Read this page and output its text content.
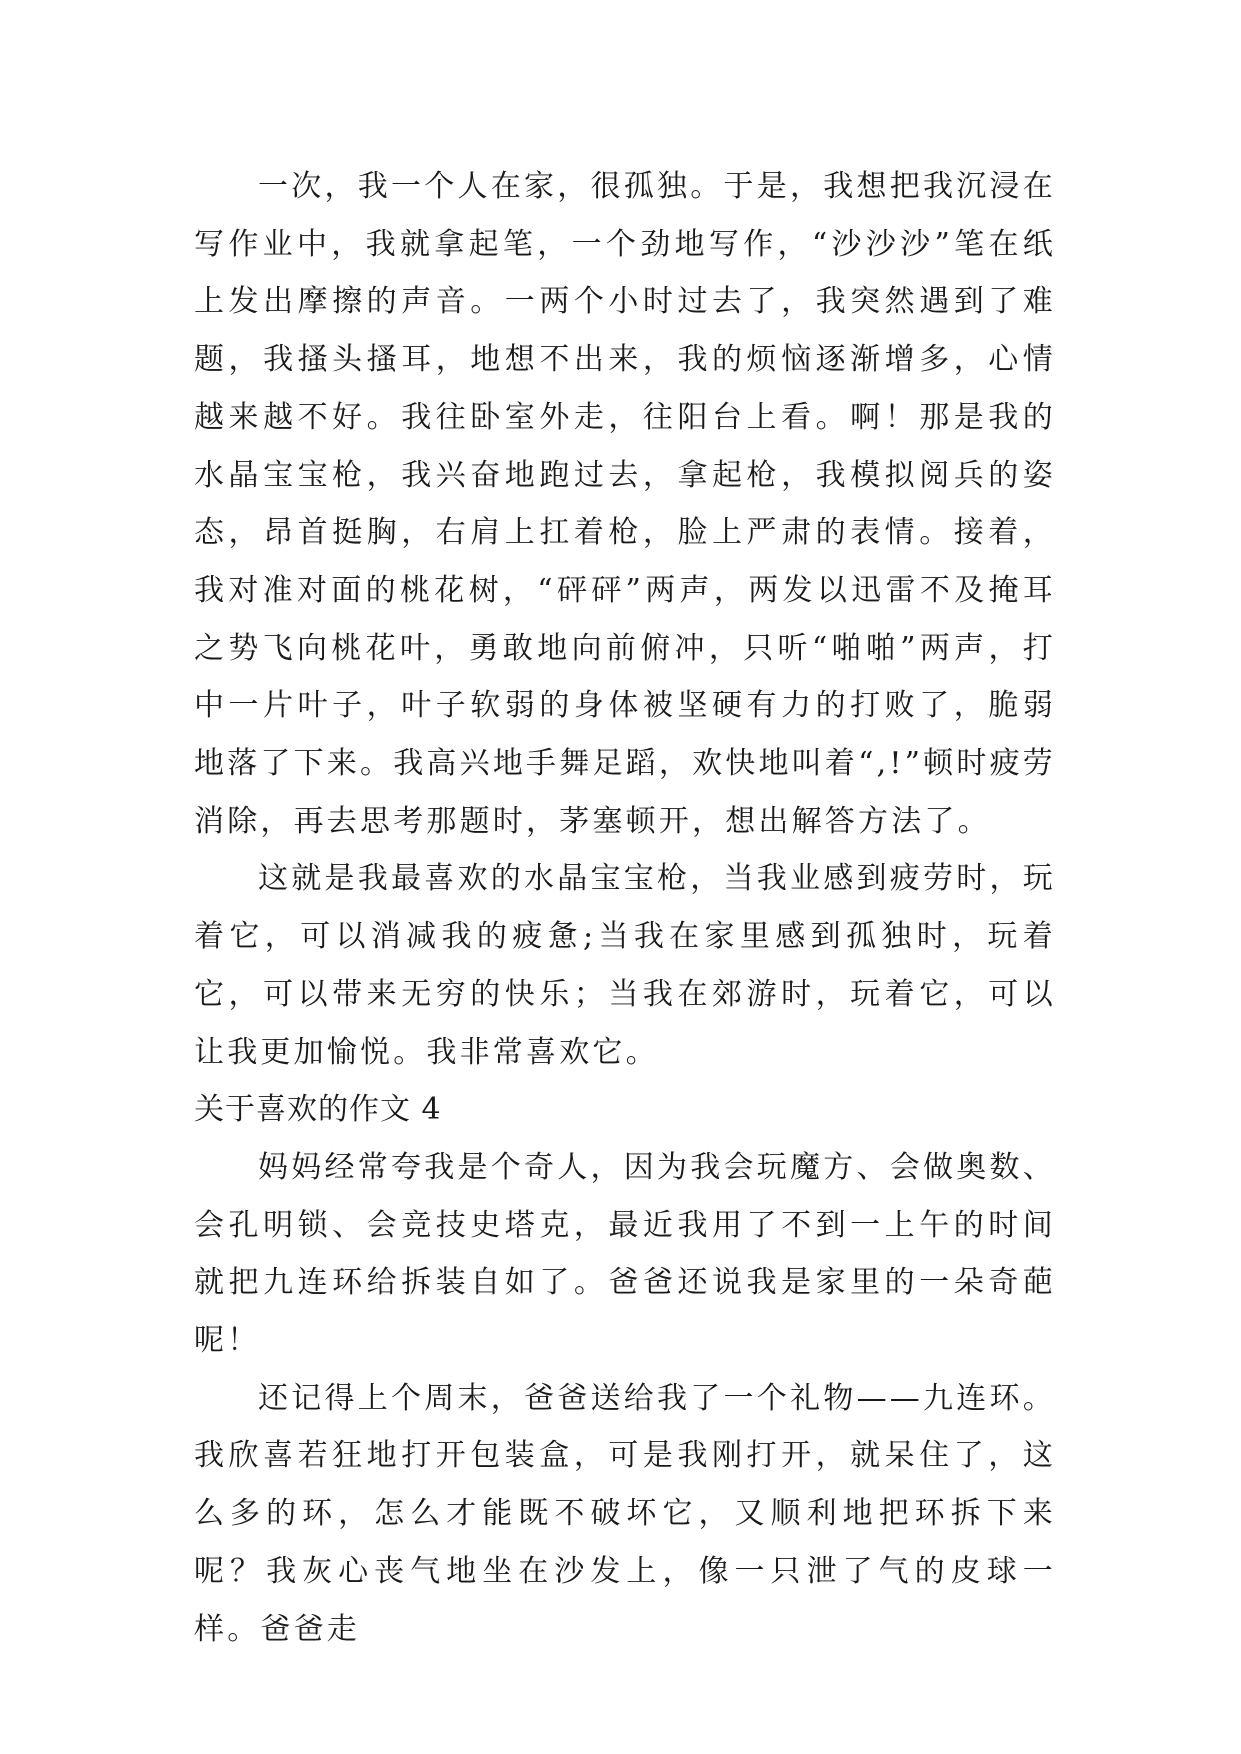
一次，我一个人在家，很孤独。于是，我想把我沉浸在写作业中，我就拿起笔，一个劲地写作，“沙沙沙”笔在纸上发出摩擦的声音。一两个小时过去了，我突然遇到了难题，我搔头搔耳，地想不出来，我的烦恼逐渐增多，心情越来越不好。我往卧室外走，往阳台上看。啊！那是我的水晶宝宝枪，我兴奋地跑过去，拿起枪，我模拟阅兵的姿态，昂首挺胸，右肩上扛着枪，脸上严肃的表情。接着，我对准对面的桃花树，“砰砰”两声，两发以迅雷不及掩耳之势飞向桃花叶，勇敢地向前俯冲，只听“啪啪”两声，打中一片叶子，叶子软弱的身体被坚硬有力的打败了，脆弱地落了下来。我高兴地手舞足蹈，欢快地叫着“,!”顿时疲劳消除，再去思考那题时，茅塞顿开，想出解答方法了。

这就是我最喜欢的水晶宝宝枪，当我业感到疲劳时，玩着它，可以消减我的疲惫;当我在家里感到孤独时，玩着它，可以带来无穷的快乐；当我在郊游时，玩着它，可以让我更加愉悦。我非常喜欢它。

关于喜欢的作文 4

妈妈经常夸我是个奇人，因为我会玩魔方、会做奥数、会孔明锁、会竞技史塔克，最近我用了不到一上午的时间就把九连环给拆装自如了。爸爸还说我是家里的一朵奇葩呢！

还记得上个周末，爸爸送给我了一个礼物——九连环。我欣喜若狂地打开包装盒，可是我刚打开，就呆住了，这么多的环，怎么才能既不破坏它，又顺利地把环拆下来呢？我灰心丧气地坐在沙发上，像一只泄了气的皮球一样。爸爸走
